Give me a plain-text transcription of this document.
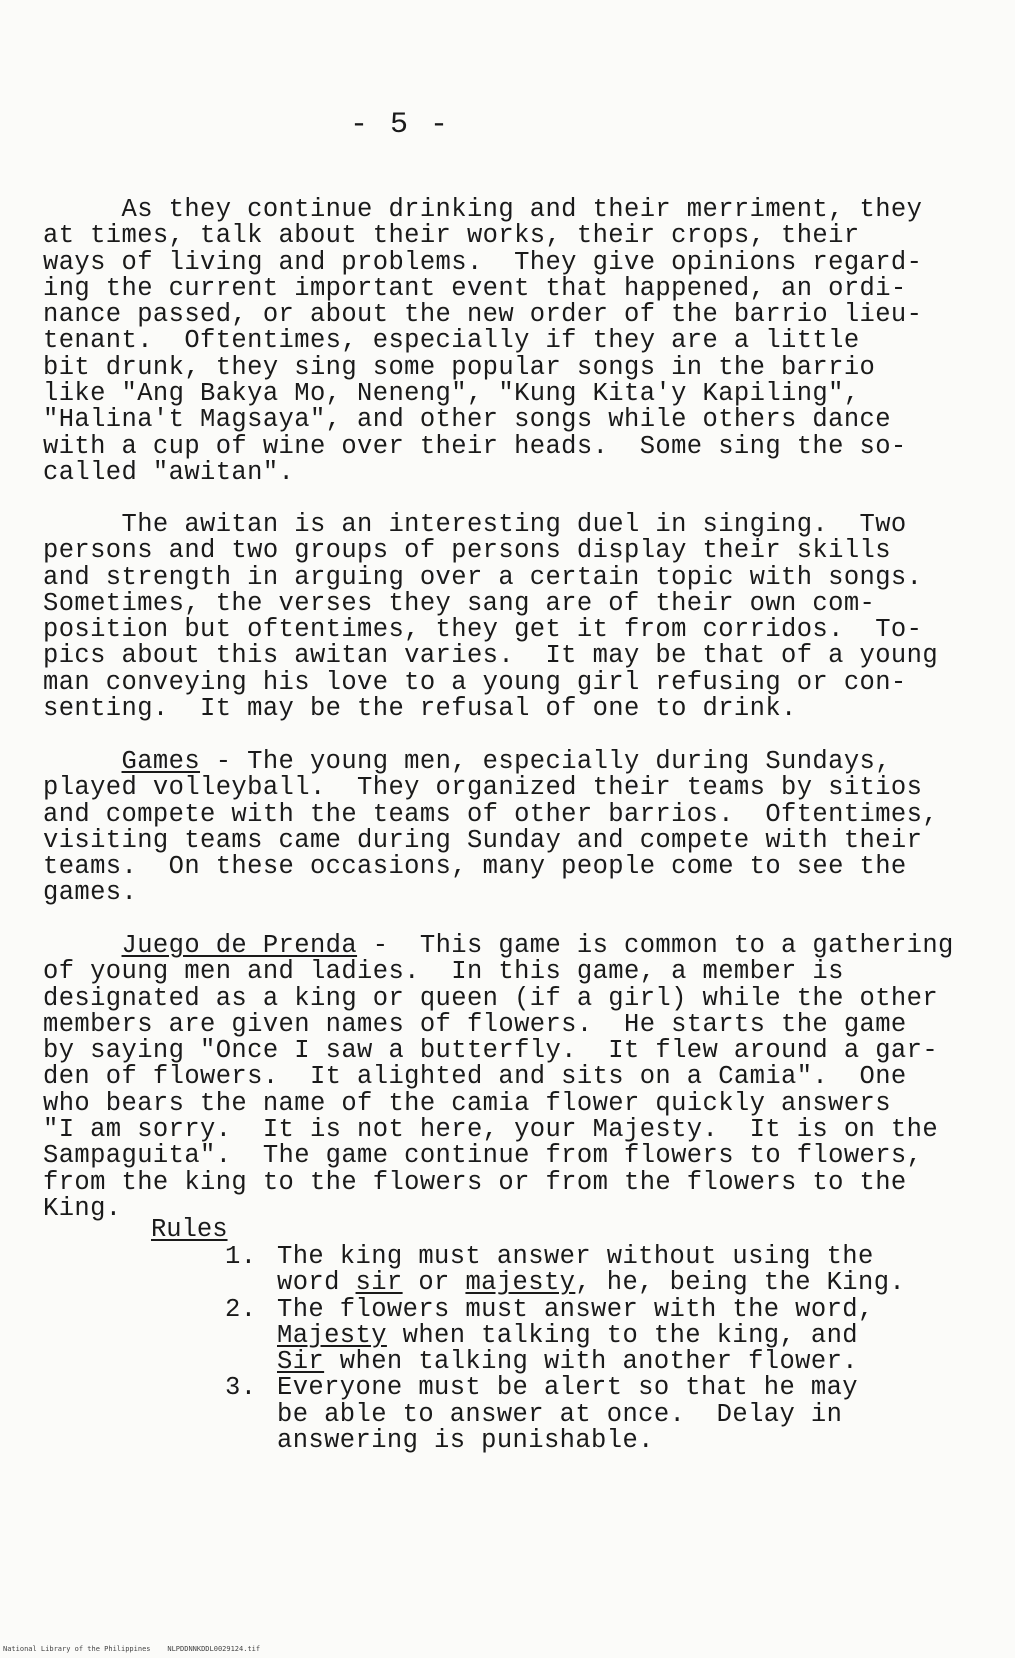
- 5 -
As they continue drinking and their merriment, they
at times, talk about their works, their crops, their
ways of living and problems.  They give opinions regard-
ing the current important event that happened, an ordi-
nance passed, or about the new order of the barrio lieu-
tenant.  Oftentimes, especially if they are a little
bit drunk, they sing some popular songs in the barrio
like "Ang Bakya Mo, Neneng", "Kung Kita'y Kapiling",
"Halina't Magsaya", and other songs while others dance
with a cup of wine over their heads.  Some sing the so-
called "awitan".
The awitan is an interesting duel in singing.  Two
persons and two groups of persons display their skills
and strength in arguing over a certain topic with songs.
Sometimes, the verses they sang are of their own com-
position but oftentimes, they get it from corridos.  To-
pics about this awitan varies.  It may be that of a young
man conveying his love to a young girl refusing or con-
senting.  It may be the refusal of one to drink.
Games - The young men, especially during Sundays,
played volleyball.  They organized their teams by sitios
and compete with the teams of other barrios.  Oftentimes,
visiting teams came during Sunday and compete with their
teams.  On these occasions, many people come to see the
games.
Juego de Prenda -  This game is common to a gathering
of young men and ladies.  In this game, a member is
designated as a king or queen (if a girl) while the other
members are given names of flowers.  He starts the game
by saying "Once I saw a butterfly.  It flew around a gar-
den of flowers.  It alighted and sits on a Camia".  One
who bears the name of the camia flower quickly answers
"I am sorry.  It is not here, your Majesty.  It is on the
Sampaguita".  The game continue from flowers to flowers,
from the king to the flowers or from the flowers to the
King.
Rules
1. The king must answer without using the
word sir or majesty, he, being the King.
2. The flowers must answer with the word,
Majesty when talking to the king, and
Sir when talking with another flower.
3. Everyone must be alert so that he may
be able to answer at once.  Delay in
answering is punishable.
National Library of the Philippines NLPDDNNKDDL0029124.tif
